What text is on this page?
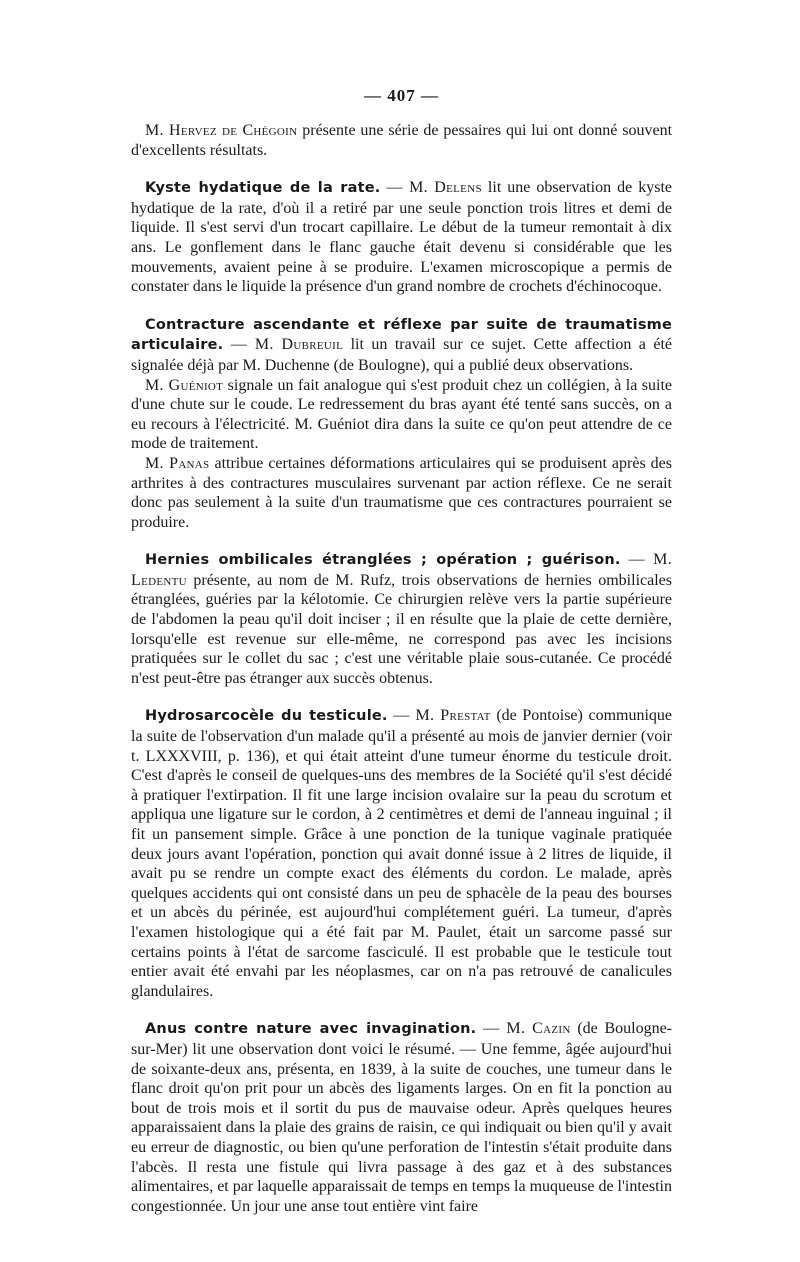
— 407 —

M. Hervez de Chégoin présente une série de pessaires qui lui ont donné souvent d'excellents résultats.

Kyste hydatique de la rate. — M. Delens lit une observation de kyste hydatique de la rate, d'où il a retiré par une seule ponction trois litres et demi de liquide. Il s'est servi d'un trocart capillaire. Le début de la tumeur remontait à dix ans. Le gonflement dans le flanc gauche était devenu si considérable que les mouvements, avaient peine à se produire. L'examen microscopique a permis de constater dans le liquide la présence d'un grand nombre de crochets d'échinocoque.

Contracture ascendante et réflexe par suite de traumatisme articulaire. — M. Dubreuil lit un travail sur ce sujet. Cette affection a été signalée déjà par M. Duchenne (de Boulogne), qui a publié deux observations.

M. Guéniot signale un fait analogue qui s'est produit chez un collégien, à la suite d'une chute sur le coude. Le redressement du bras ayant été tenté sans succès, on a eu recours à l'électricité. M. Guéniot dira dans la suite ce qu'on peut attendre de ce mode de traitement.

M. Panas attribue certaines déformations articulaires qui se produisent après des arthrites à des contractures musculaires survenant par action réflexe. Ce ne serait donc pas seulement à la suite d'un traumatisme que ces contractures pourraient se produire.

Hernies ombilicales étranglées ; opération ; guérison. — M. Ledentu présente, au nom de M. Rufz, trois observations de hernies ombilicales étranglées, guéries par la kélotomie. Ce chirurgien relève vers la partie supérieure de l'abdomen la peau qu'il doit inciser ; il en résulte que la plaie de cette dernière, lorsqu'elle est revenue sur elle-même, ne correspond pas avec les incisions pratiquées sur le collet du sac ; c'est une véritable plaie sous-cutanée. Ce procédé n'est peut-être pas étranger aux succès obtenus.

Hydrosarcocèle du testicule. — M. Prestat (de Pontoise) communique la suite de l'observation d'un malade qu'il a présenté au mois de janvier dernier (voir t. LXXXVIII, p. 136), et qui était atteint d'une tumeur énorme du testicule droit. C'est d'après le conseil de quelques-uns des membres de la Société qu'il s'est décidé à pratiquer l'extirpation. Il fit une large incision ovalaire sur la peau du scrotum et appliqua une ligature sur le cordon, à 2 centimètres et demi de l'anneau inguinal ; il fit un pansement simple. Grâce à une ponction de la tunique vaginale pratiquée deux jours avant l'opération, ponction qui avait donné issue à 2 litres de liquide, il avait pu se rendre un compte exact des éléments du cordon. Le malade, après quelques accidents qui ont consisté dans un peu de sphacèle de la peau des bourses et un abcès du périnée, est aujourd'hui complétement guéri. La tumeur, d'après l'examen histologique qui a été fait par M. Paulet, était un sarcome passé sur certains points à l'état de sarcome fasciculé. Il est probable que le testicule tout entier avait été envahi par les néoplasmes, car on n'a pas retrouvé de canalicules glandulaires.

Anus contre nature avec invagination. — M. Cazin (de Boulogne-sur-Mer) lit une observation dont voici le résumé. — Une femme, âgée aujourd'hui de soixante-deux ans, présenta, en 1839, à la suite de couches, une tumeur dans le flanc droit qu'on prit pour un abcès des ligaments larges. On en fit la ponction au bout de trois mois et il sortit du pus de mauvaise odeur. Après quelques heures apparaissaient dans la plaie des grains de raisin, ce qui indiquait ou bien qu'il y avait eu erreur de diagnostic, ou bien qu'une perforation de l'intestin s'était produite dans l'abcès. Il resta une fistule qui livra passage à des gaz et à des substances alimentaires, et par laquelle apparaissait de temps en temps la muqueuse de l'intestin congestionnée. Un jour une anse tout entière vint faire
